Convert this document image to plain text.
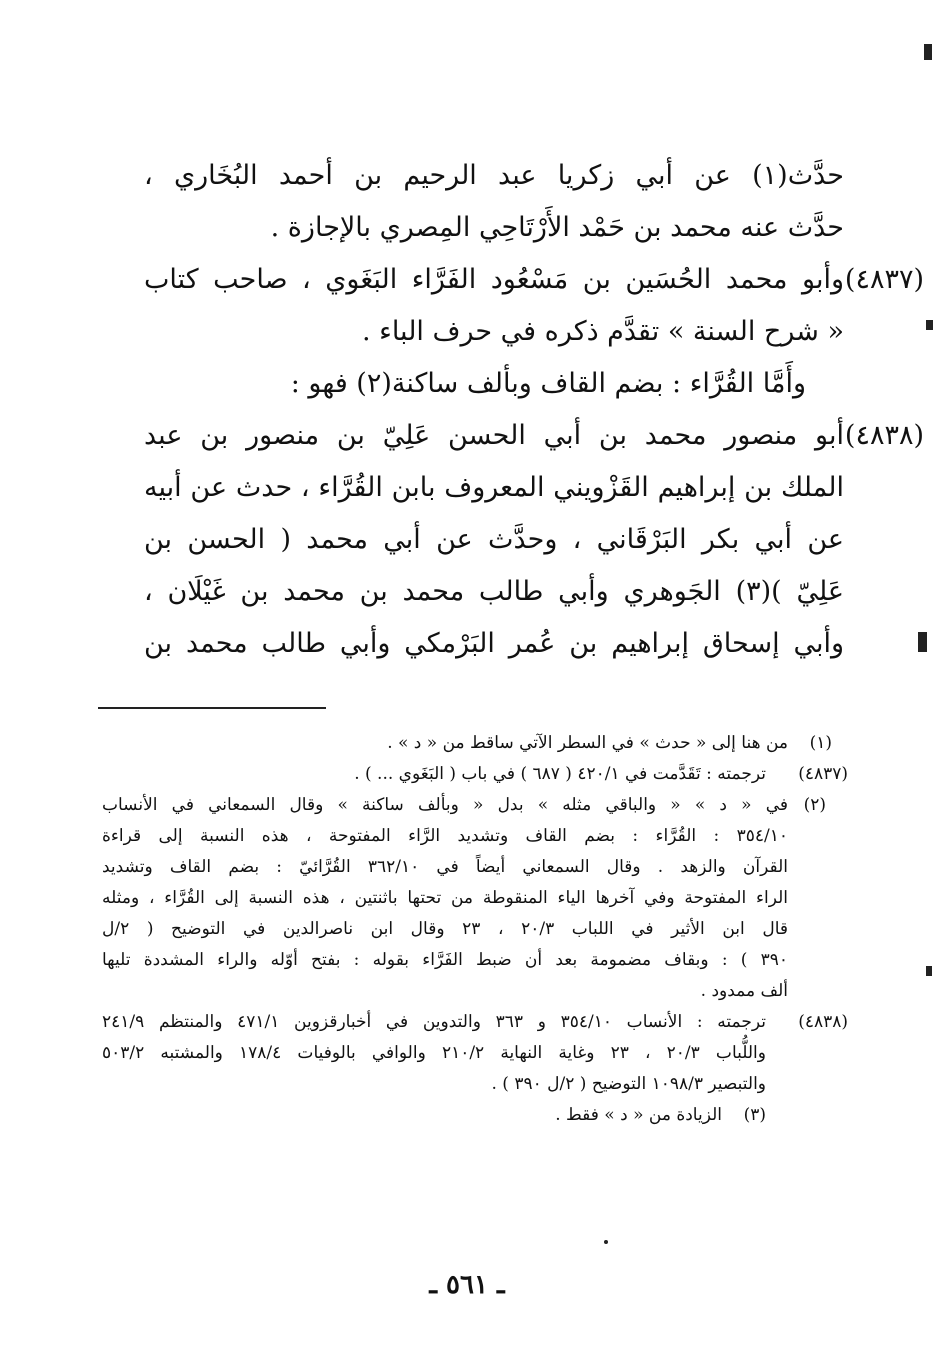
حدَّث(١) عن أبي زكريا عبد الرحيم بن أحمد البُخَاري ،
حدَّث عنه محمد بن حَمْد الأَرْتَاحِي المِصري بالإجازة .
(٤٨٣٧)
وأبو محمد الحُسَين بن مَسْعُود الفَرَّاء البَغَوي ، صاحب كتاب
« شرح السنة » تقدَّم ذكره في حرف الباء .
وأَمَّا القُرَّاء : بضم القاف وبألف ساكنة(٢) فهو :
(٤٨٣٨)
أبو منصور محمد بن أبي الحسن عَلِيّ بن منصور بن عبد
الملك بن إبراهيم القَزْويني المعروف بابن القُرَّاء ، حدث عن أبيه
عن أبي بكر البَرْقَاني ، وحدَّث عن أبي محمد ( الحسن بن
عَلِيّ )(٣) الجَوهري وأبي طالب محمد بن محمد بن غَيْلَان ،
وأبي إسحاق إبراهيم بن عُمر البَرْمكي وأبي طالب محمد بن
(١)
من هنا إلى « حدث » في السطر الآتي ساقط من « د » .
(٤٨٣٧)
ترجمته : تَقَدَّمت في ٤٢٠/١ ( ٦٨٧ ) في باب ( البَغَوي ... ) .
(٢)
في « د » « والباقي مثله » بدل « وبألف ساكنة » وقال السمعاني في الأنساب
٣٥٤/١٠ : القُرَّاء : بضم القاف وتشديد الرَّاء المفتوحة ، هذه النسبة إلى قراءة
القرآن والزهد . وقال السمعاني أيضاً في ٣٦٢/١٠ القُرَّائيّ : بضم القاف وتشديد
الراء المفتوحة وفي آخرها الياء المنقوطة من تحتها باثنتين ، هذه النسبة إلى القُرَّاء ، ومثله
قال ابن الأثير في اللباب ٢٠/٣ ، ٢٣ وقال ابن ناصرالدين في التوضيح ( ٢/ل
٣٩٠ ) : وبقاف مضمومة بعد أن ضبط الفَرَّاء بقوله : بفتح أوّله والراء المشددة تليها
ألف ممدود .
(٤٨٣٨)
ترجمته : الأنساب ٣٥٤/١٠ و ٣٦٣ والتدوين في أخبارقزوين ٤٧١/١ والمنتظم ٢٤١/٩
واللُّباب ٢٠/٣ ، ٢٣ وغاية النهاية ٢١٠/٢ والوافي بالوفيات ١٧٨/٤ والمشتبه ٥٠٣/٢
والتبصير ١٠٩٨/٣ التوضيح ( ٢/ل ٣٩٠ ) .
(٣)
الزيادة من « د » فقط .
ـ ٥٦١ ـ
